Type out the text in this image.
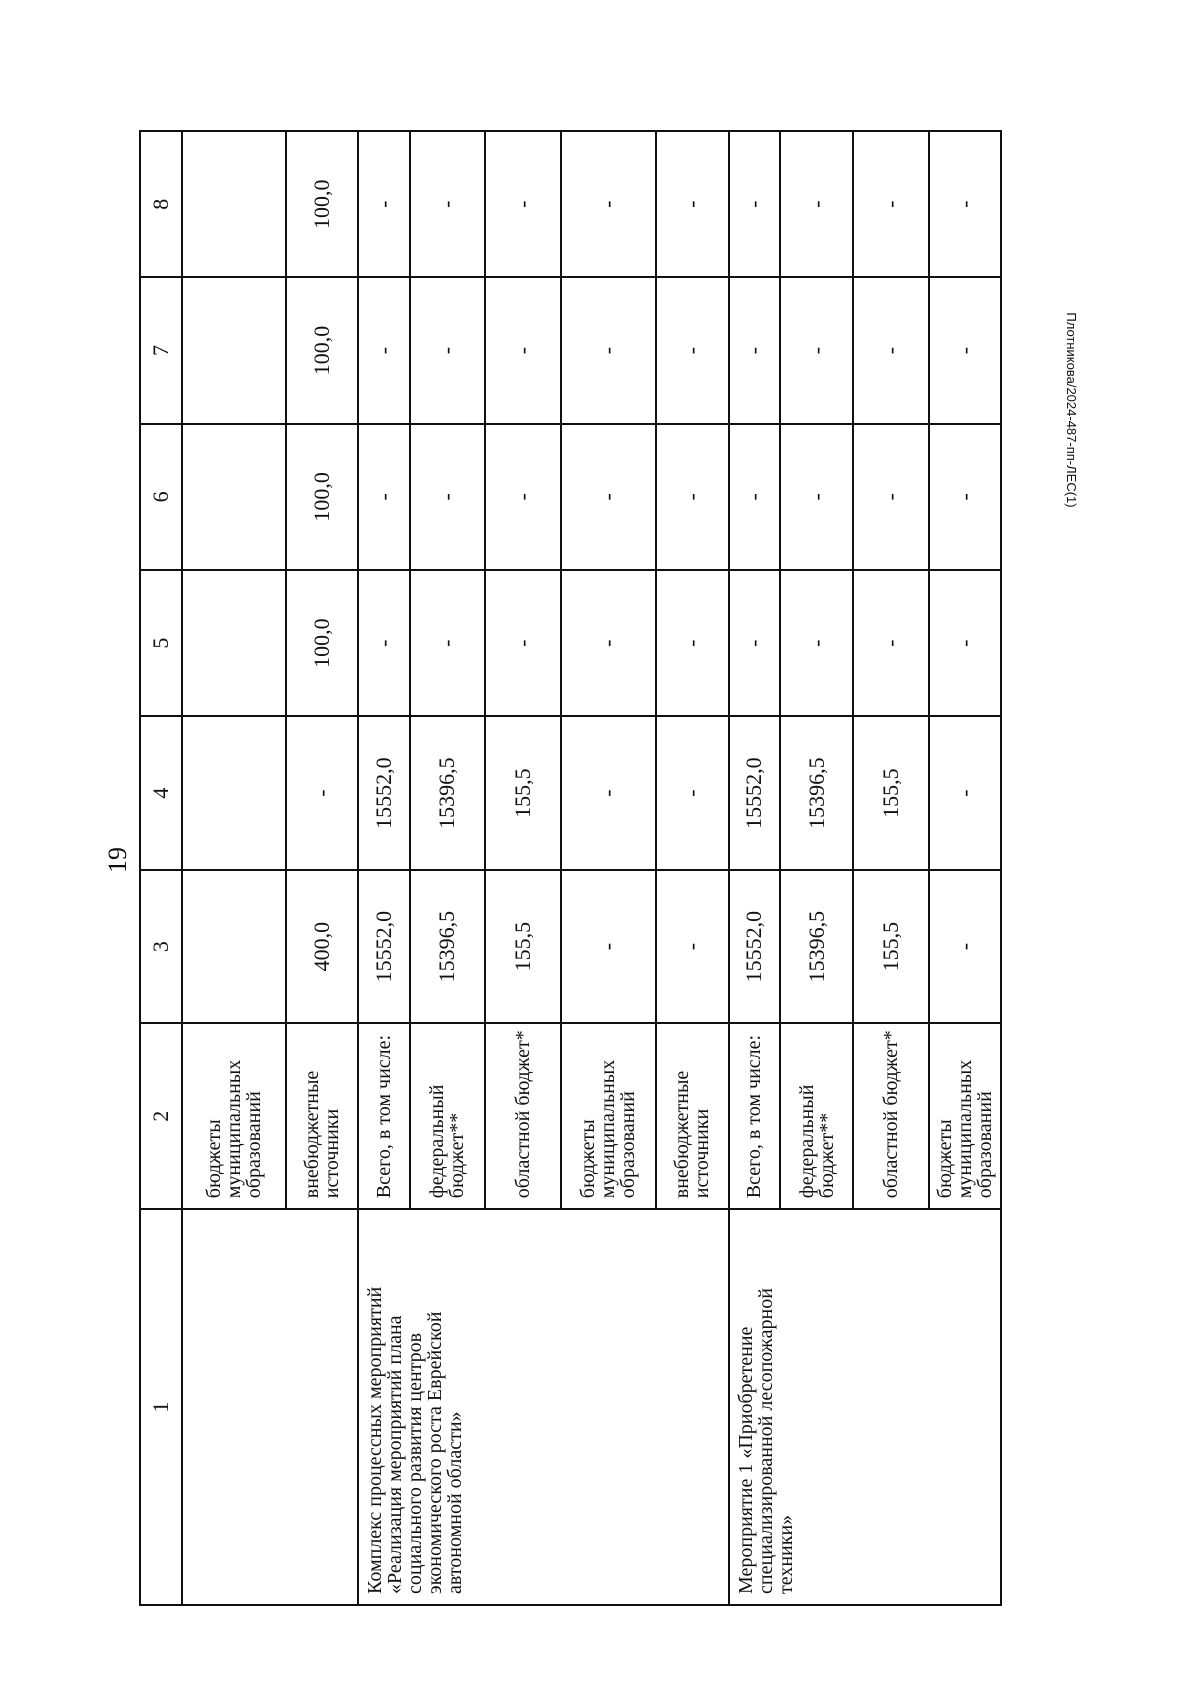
19
Плотникова/2024-487-пп-ЛЕС(1)
1	2	3	4	5	6	7	8
	бюджеты муниципальных образований						
	внебюджетные источники	400,0	-	100,0	100,0	100,0	100,0
Комплекс процессных мероприятий «Реализация мероприятий плана социального развития центров экономического роста Еврейской автономной области»	Всего, в том числе:	15552,0	15552,0	-	-	-	-
	федеральный бюджет**	15396,5	15396,5	-	-	-	-
	областной бюджет*	155,5	155,5	-	-	-	-
	бюджеты муниципальных образований	-	-	-	-	-	-
	внебюджетные источники	-	-	-	-	-	-
Мероприятие 1 «Приобретение специализированной лесопожарной техники»	Всего, в том числе:	15552,0	15552,0	-	-	-	-
	федеральный бюджет**	15396,5	15396,5	-	-	-	-
	областной бюджет*	155,5	155,5	-	-	-	-
	бюджеты муниципальных образований	-	-	-	-	-	-
